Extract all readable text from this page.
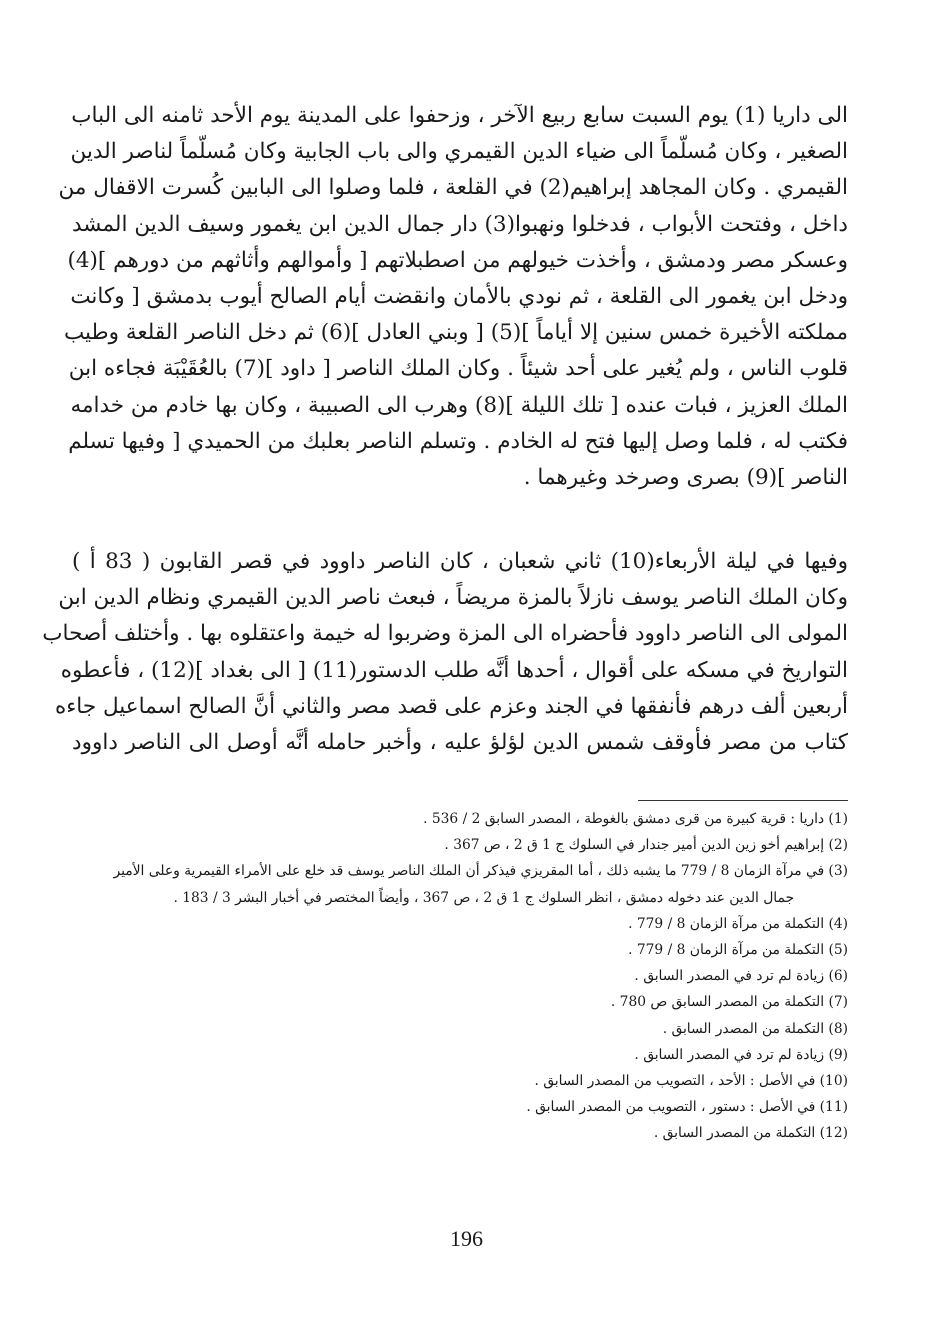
الى داريا (1) يوم السبت سابع ربيع الآخر ، وزحفوا على المدينة يوم الأحد ثامنه الى الباب
الصغير ، وكان مُسلّماً الى ضياء الدين القيمري والى باب الجابية وكان مُسلّماً لناصر الدين
القيمري . وكان المجاهد إبراهيم(2) في القلعة ، فلما وصلوا الى البابين كُسرت الاقفال من
داخل ، وفتحت الأبواب ، فدخلوا ونهبوا(3) دار جمال الدين ابن يغمور وسيف الدين المشد
وعسكر مصر ودمشق ، وأخذت خيولهم من اصطبلاتهم [ وأموالهم وأثاثهم من دورهم ](4)
ودخل ابن يغمور الى القلعة ، ثم نودي بالأمان وانقضت أيام الصالح أيوب بدمشق [ وكانت
مملكته الأخيرة خمس سنين إلا أياماً ](5) [ وبني العادل ](6) ثم دخل الناصر القلعة وطيب
قلوب الناس ، ولم يُغير على أحد شيئاً . وكان الملك الناصر [ داود ](7) بالعُقَيْبَة فجاءه ابن
الملك العزيز ، فبات عنده [ تلك الليلة ](8) وهرب الى الصبيبة ، وكان بها خادم من خدامه
فكتب له ، فلما وصل إليها فتح له الخادم . وتسلم الناصر بعلبك من الحميدي [ وفيها تسلم
الناصر ](9) بصرى وصرخد وغيرهما .
وفيها في ليلة الأربعاء(10) ثاني شعبان ، كان الناصر داوود في قصر القابون ( 83 أ )
وكان الملك الناصر يوسف نازلاً بالمزة مريضاً ، فبعث ناصر الدين القيمري ونظام الدين ابن
المولى الى الناصر داوود فأحضراه الى المزة وضربوا له خيمة واعتقلوه بها . وأختلف أصحاب
التواريخ في مسكه على أقوال ، أحدها أنَّه طلب الدستور(11) [ الى بغداد ](12) ، فأعطوه
أربعين ألف درهم فأنفقها في الجند وعزم على قصد مصر والثاني أنَّ الصالح اسماعيل جاءه
كتاب من مصر فأوقف شمس الدين لؤلؤ عليه ، وأخبر حامله أنَّه أوصل الى الناصر داوود
(1) داريا : قرية كبيرة من قرى دمشق بالغوطة ، المصدر السابق 2 / 536 .
(2) إبراهيم أخو زين الدين أمير جندار في السلوك ج 1 ق 2 ، ص 367 .
(3) في مرآة الزمان 8 / 779 ما يشبه ذلك ، أما المقريزي فيذكر أن الملك الناصر يوسف قد خلع على الأمراء القيمرية وعلى الأمير
جمال الدين عند دخوله دمشق ، انظر السلوك ج 1 ق 2 ، ص 367 ، وأيضاً المختصر في أخبار البشر 3 / 183 .
(4) التكملة من مرآة الزمان 8 / 779 .
(5) التكملة من مرآة الزمان 8 / 779 .
(6) زيادة لم ترد في المصدر السابق .
(7) التكملة من المصدر السابق ص 780 .
(8) التكملة من المصدر السابق .
(9) زيادة لم ترد في المصدر السابق .
(10) في الأصل : الأحد ، التصويب من المصدر السابق .
(11) في الأصل : دستور ، التصويب من المصدر السابق .
(12) التكملة من المصدر السابق .
196
